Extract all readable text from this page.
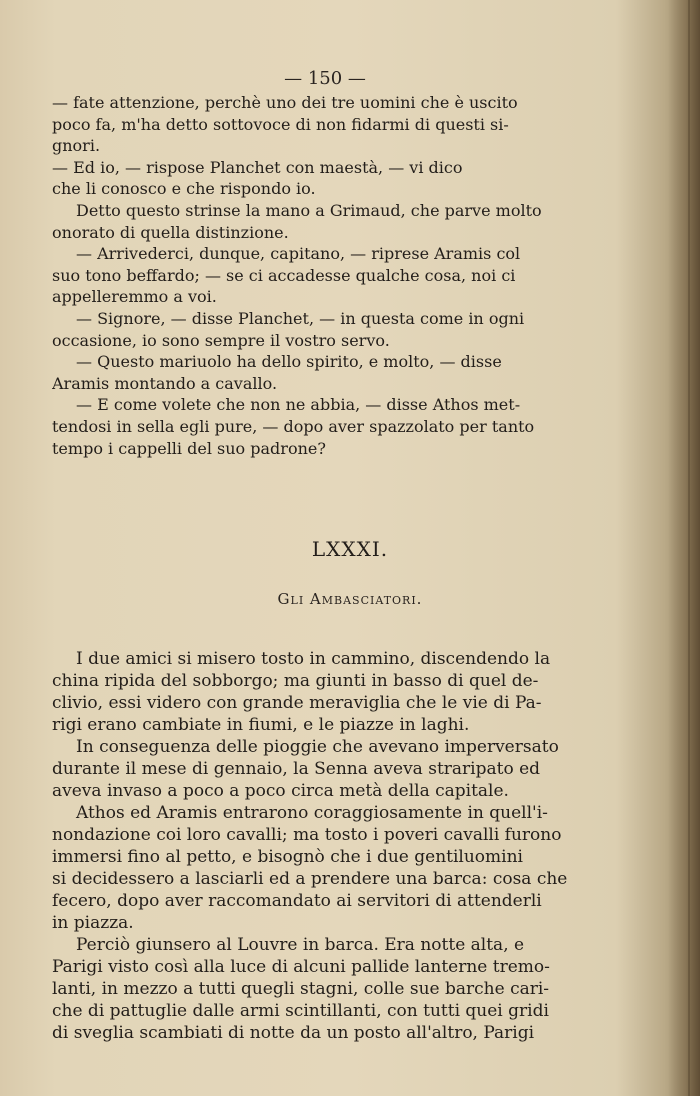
— 150 —
— fate attenzione, perchè uno dei tre uomini che è uscito
poco fa, m'ha detto sottovoce di non fidarmi di questi si-
gnori.
— Ed io, — rispose Planchet con maestà, — vi dico
che li conosco e che rispondo io.
Detto questo strinse la mano a Grimaud, che parve molto
onorato di quella distinzione.
— Arrivederci, dunque, capitano, — riprese Aramis col
suo tono beffardo; — se ci accadesse qualche cosa, noi ci
appelleremmo a voi.
— Signore, — disse Planchet, — in questa come in ogni
occasione, io sono sempre il vostro servo.
— Questo mariuolo ha dello spirito, e molto, — disse
Aramis montando a cavallo.
— E come volete che non ne abbia, — disse Athos met-
tendosi in sella egli pure, — dopo aver spazzolato per tanto
tempo i cappelli del suo padrone?
LXXXI.
Gli Ambasciatori.
I due amici si misero tosto in cammino, discendendo la
china ripida del sobborgo; ma giunti in basso di quel de-
clivio, essi videro con grande meraviglia che le vie di Pa-
rigi erano cambiate in fiumi, e le piazze in laghi.
In conseguenza delle pioggie che avevano imperversato
durante il mese di gennaio, la Senna aveva straripato ed
aveva invaso a poco a poco circa metà della capitale.
Athos ed Aramis entrarono coraggiosamente in quell'i-
nondazione coi loro cavalli; ma tosto i poveri cavalli furono
immersi fino al petto, e bisognò che i due gentiluomini
si decidessero a lasciarli ed a prendere una barca: cosa che
fecero, dopo aver raccomandato ai servitori di attenderli
in piazza.
Perciò giunsero al Louvre in barca. Era notte alta, e
Parigi visto così alla luce di alcuni pallide lanterne tremo-
lanti, in mezzo a tutti quegli stagni, colle sue barche cari-
che di pattuglie dalle armi scintillanti, con tutti quei gridi
di sveglia scambiati di notte da un posto all'altro, Parigi
